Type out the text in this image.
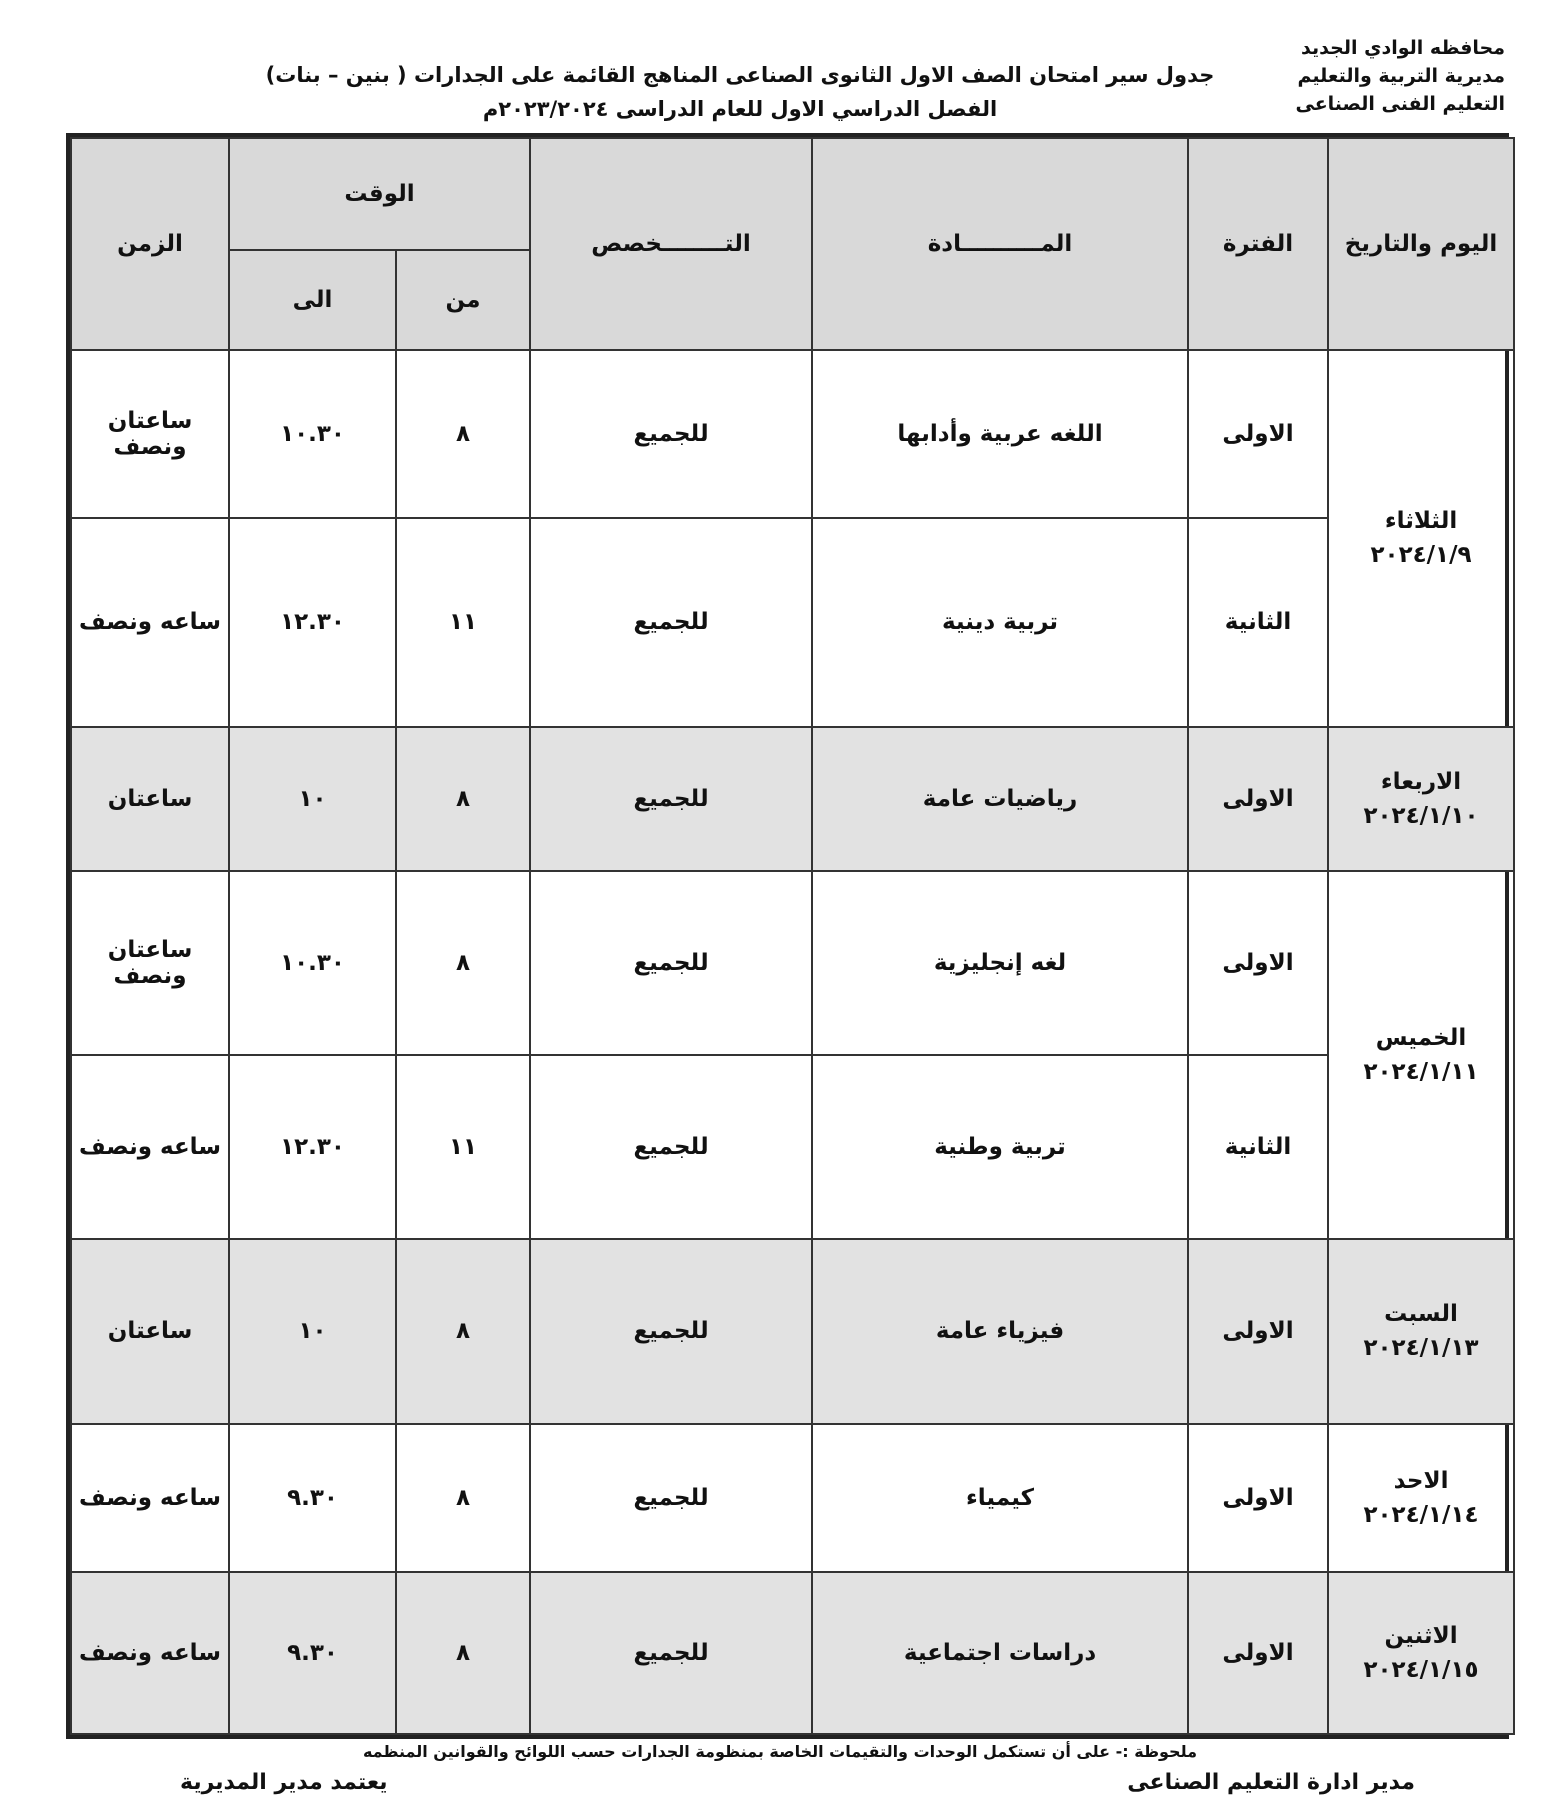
محافظه الوادي الجديد
مديرية التربية والتعليم
التعليم الفنى الصناعى
جدول سير امتحان الصف الاول الثانوى الصناعى المناهج القائمة على الجدارات ( بنين – بنات)
الفصل الدراسي الاول للعام الدراسى ٢٠٢٣/٢٠٢٤م
اليوم والتاريخ	الفترة	المــــــــــادة	التــــــــخصص	الوقت		الزمن
				من	الى	

الثلاثاء
٢٠٢٤/١/٩	الاولى	اللغه عربية وأدابها	للجميع	٨	١٠.٣٠	ساعتان ونصف
	الثانية	تربية دينية	للجميع	١١	١٢.٣٠	ساعه ونصف

الاربعاء
٢٠٢٤/١/١٠	الاولى	رياضيات عامة	للجميع	٨	١٠	ساعتان

الخميس
٢٠٢٤/١/١١	الاولى	لغه إنجليزية	للجميع	٨	١٠.٣٠	ساعتان ونصف
	الثانية	تربية وطنية	للجميع	١١	١٢.٣٠	ساعه ونصف

السبت
٢٠٢٤/١/١٣	الاولى	فيزياء عامة	للجميع	٨	١٠	ساعتان

الاحد
٢٠٢٤/١/١٤	الاولى	كيمياء	للجميع	٨	٩.٣٠	ساعه ونصف

الاثنين
٢٠٢٤/١/١٥	الاولى	دراسات اجتماعية	للجميع	٨	٩.٣٠	ساعه ونصف
ملحوظة :- على أن تستكمل الوحدات والتقيمات الخاصة بمنظومة الجدارات حسب اللوائح والقوانين المنظمه
مدير ادارة التعليم الصناعى
يعتمد مدير المديرية
